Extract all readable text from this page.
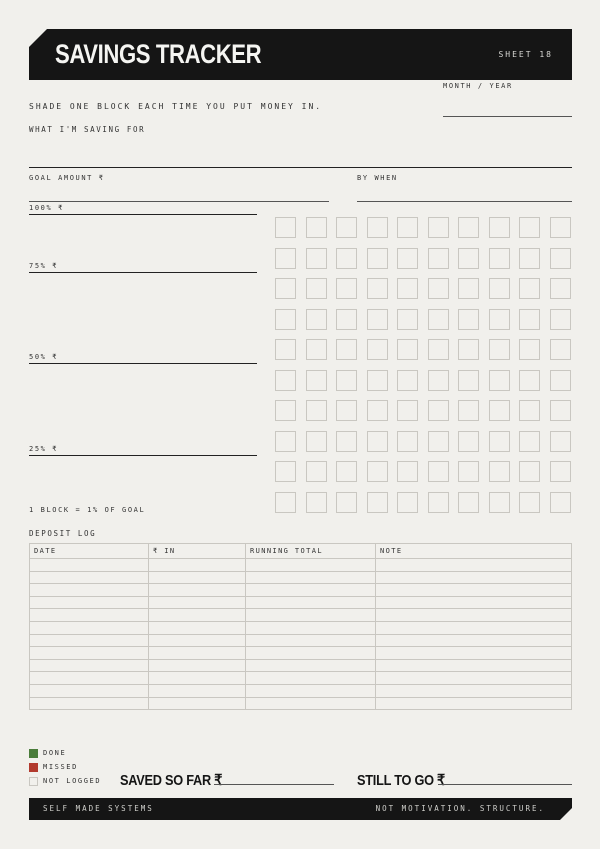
SAVINGS TRACKER	SHEET 18
MONTH / YEAR
SHADE ONE BLOCK EACH TIME YOU PUT MONEY IN.
WHAT I'M SAVING FOR
GOAL AMOUNT ₹	BY WHEN
100% ₹
75% ₹
50% ₹
25% ₹
1 BLOCK = 1% OF GOAL
DEPOSIT LOG
DATE	₹ IN	RUNNING TOTAL	NOTE

DONE
MISSED
NOT LOGGED SAVED SO FAR ₹	STILL TO GO ₹
SELF MADE SYSTEMS	NOT MOTIVATION. STRUCTURE.
